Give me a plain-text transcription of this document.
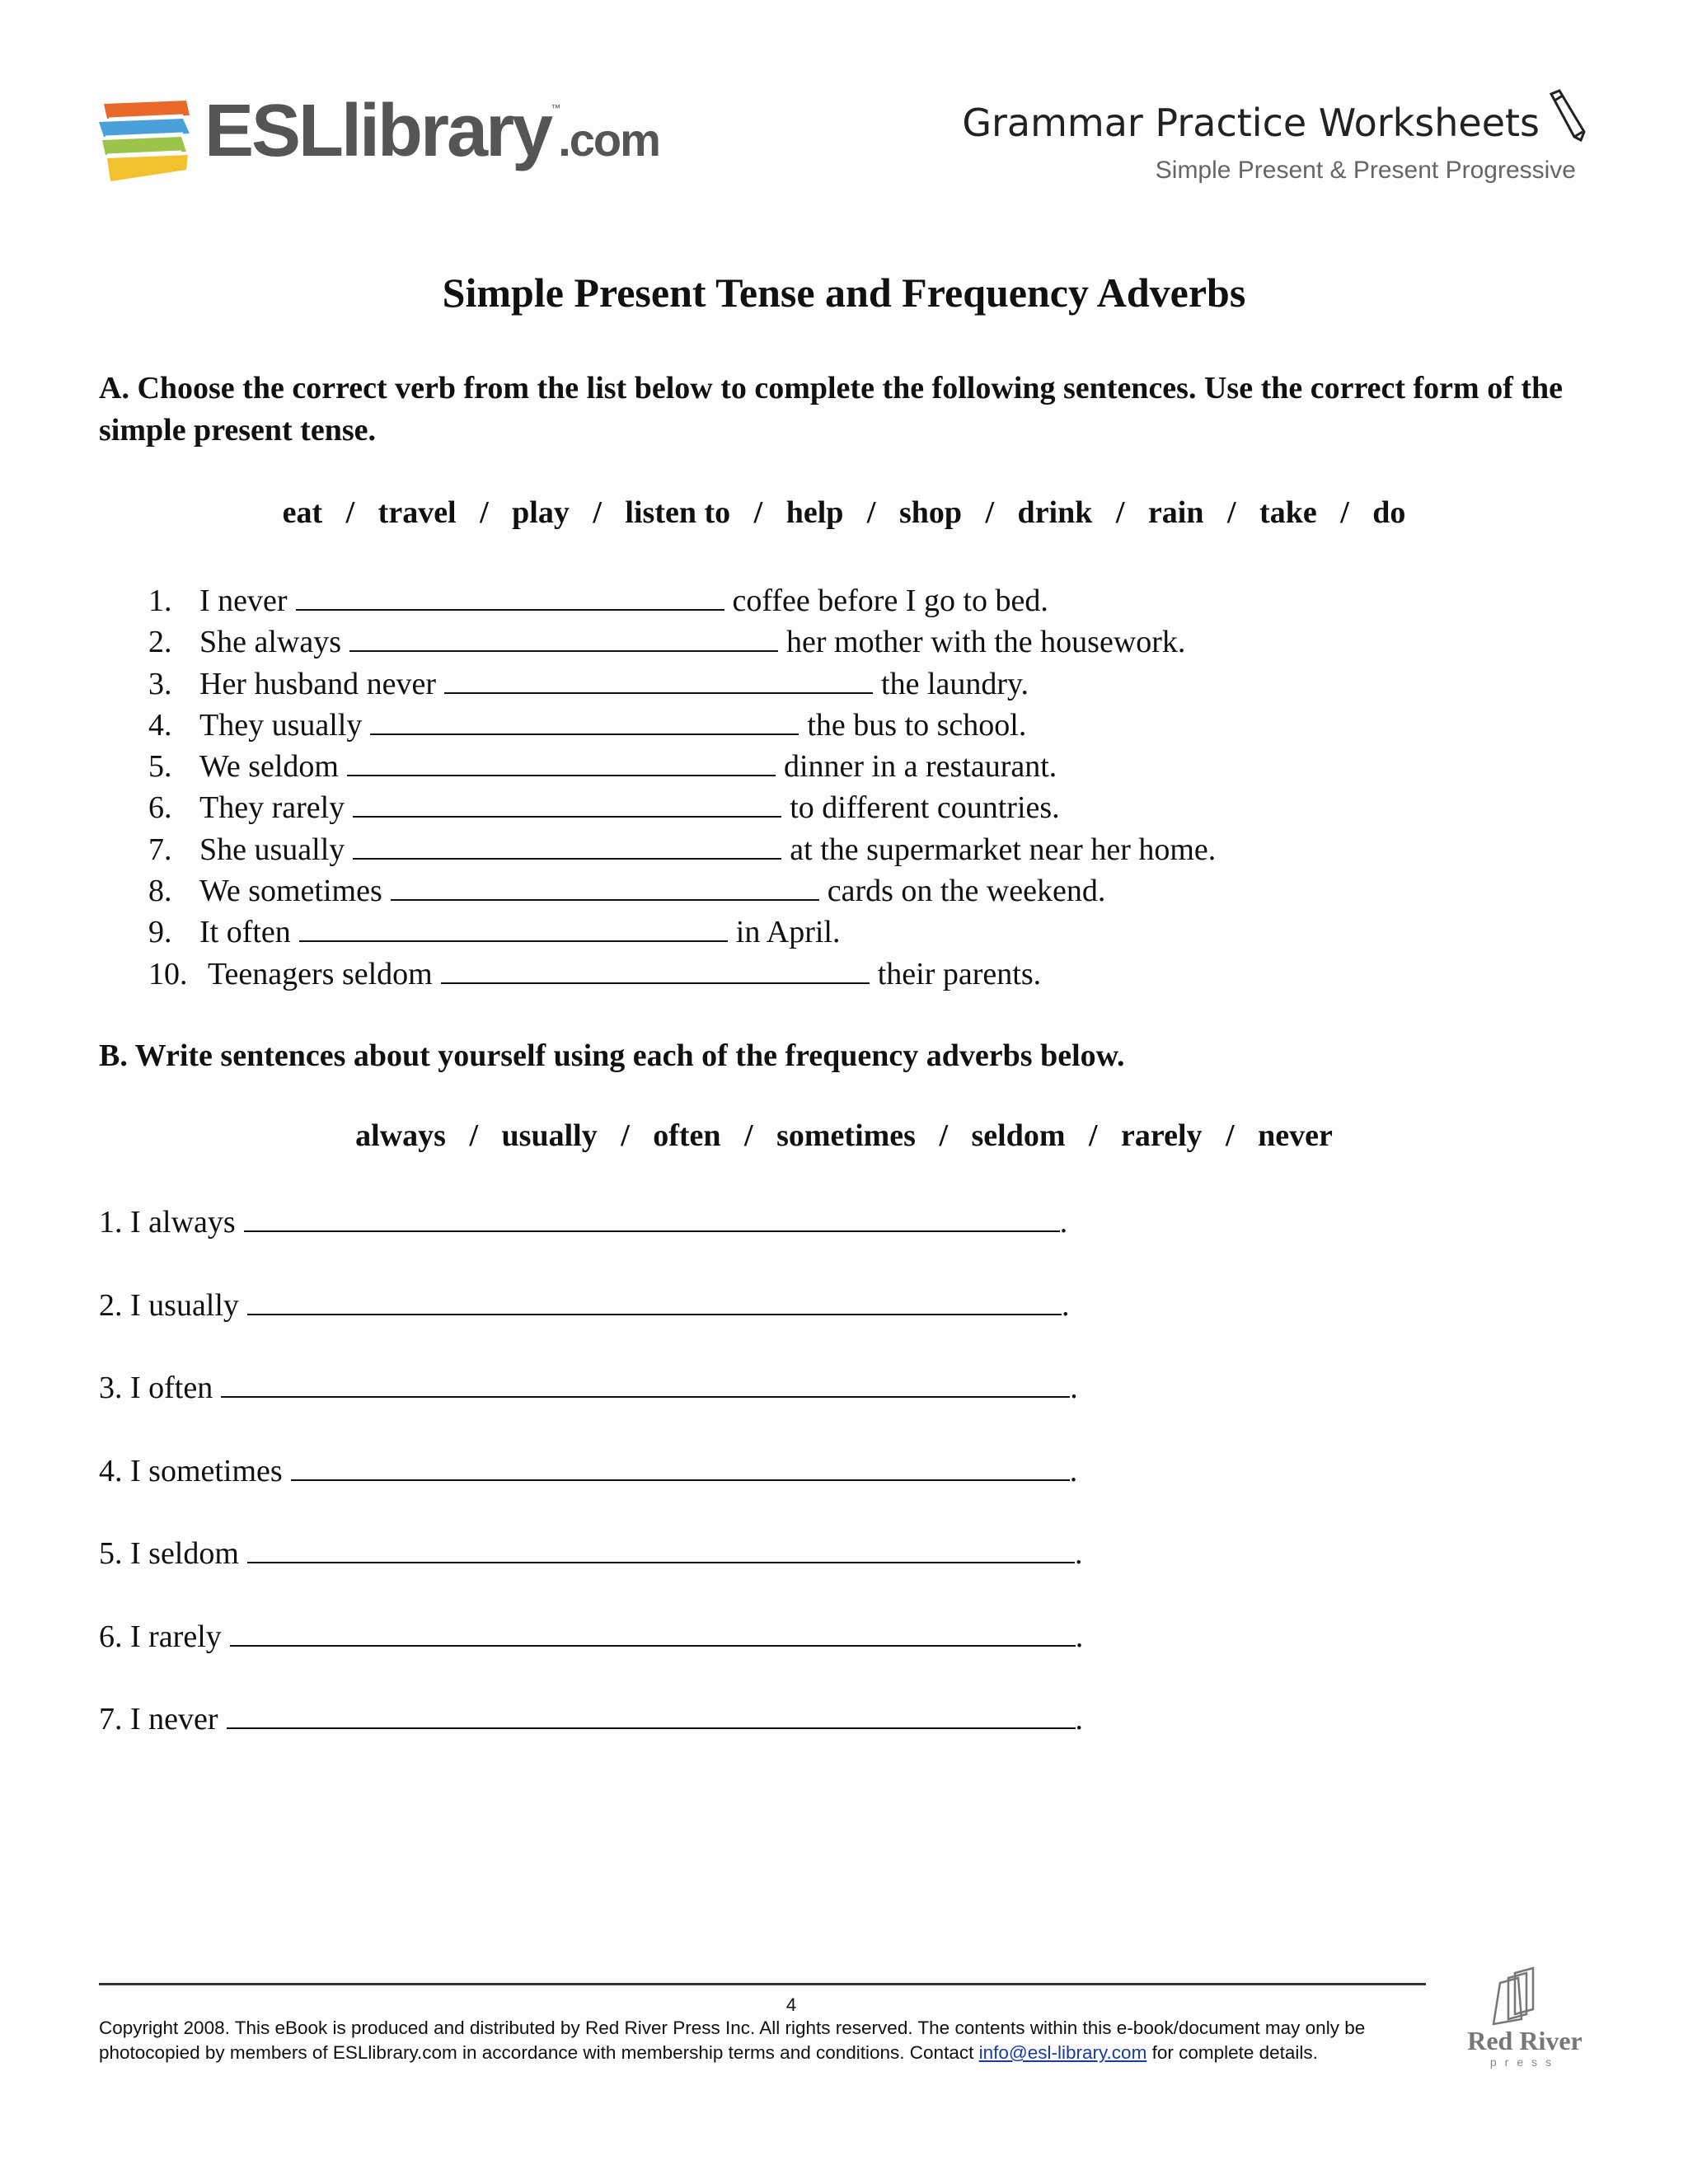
ESLlibrary™.com	Grammar Practice Worksheets
Simple Present & Present Progressive
Simple Present Tense and Frequency Adverbs
A. Choose the correct verb from the list below to complete the following sentences. Use the correct form of the simple present tense.
eat   /   travel   /   play   /   listen to   /   help   /   shop   /   drink   /   rain   /   take   /   do
1. I never	coffee before I go to bed.
2. She always	her mother with the housework.
3. Her husband never	the laundry.
4. They usually	the bus to school.
5. We seldom	dinner in a restaurant.
6. They rarely	to different countries.
7. She usually	at the supermarket near her home.
8. We sometimes	cards on the weekend.
9. It often	in April.
10. Teenagers seldom	their parents.
B. Write sentences about yourself using each of the frequency adverbs below.
always   /   usually   /   often   /   sometimes   /   seldom   /   rarely   /   never
1. I always	.
2. I usually	.
3. I often	.
4. I sometimes	.
5. I seldom	.
6. I rarely	.
7. I never	.
4
Copyright 2008. This eBook is produced and distributed by Red River Press Inc. All rights reserved. The contents within this e-book/document may only be photocopied by members of ESLlibrary.com in accordance with membership terms and conditions. Contact info@esl-library.com for complete details.	Red River
press
